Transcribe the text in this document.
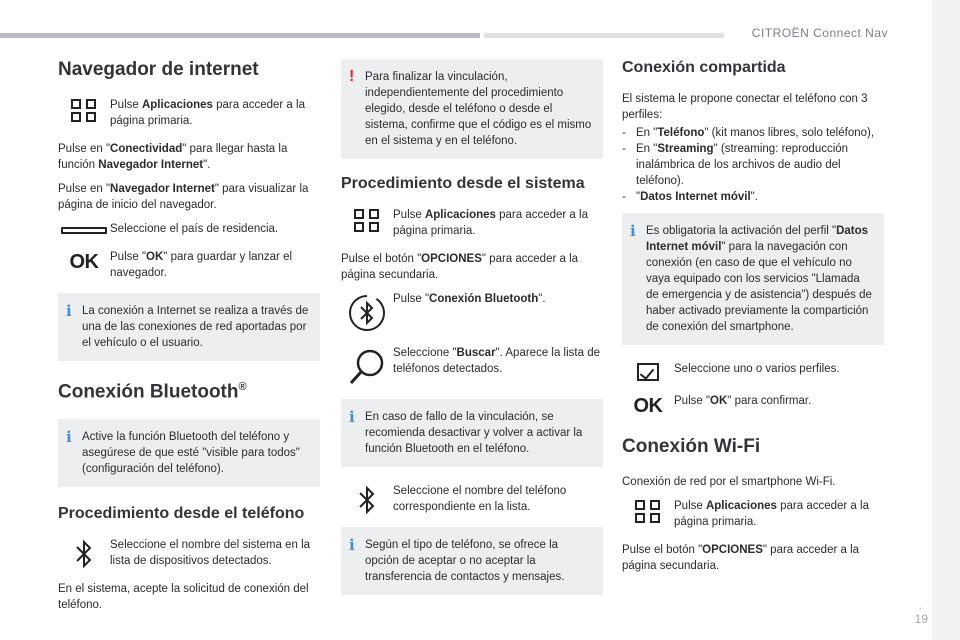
CITROËN Connect Nav
.
19
Navegador de internet
Pulse Aplicaciones para acceder a la página primaria.

Pulse en "Conectividad" para llegar hasta la función Navegador Internet".

Pulse en "Navegador Internet" para visualizar la página de inicio del navegador.

Seleccione el país de residencia.
OK Pulse "OK" para guardar y lanzar el navegador.
i La conexión a Internet se realiza a través de una de las conexiones de red aportadas por el vehículo o el usuario.
Conexión Bluetooth®
i Active la función Bluetooth del teléfono y asegúrese de que esté "visible para todos" (configuración del teléfono).
Procedimiento desde el teléfono
Seleccione el nombre del sistema en la lista de dispositivos detectados.

En el sistema, acepte la solicitud de conexión del teléfono.

! Para finalizar la vinculación, independientemente del procedimiento elegido, desde el teléfono o desde el sistema, confirme que el código es el mismo en el sistema y en el teléfono.
Procedimiento desde el sistema
Pulse Aplicaciones para acceder a la página primaria.

Pulse el botón "OPCIONES" para acceder a la página secundaria.

Pulse "Conexión Bluetooth".
Seleccione "Buscar". Aparece la lista de teléfonos detectados.
i En caso de fallo de la vinculación, se recomienda desactivar y volver a activar la función Bluetooth en el teléfono.
Seleccione el nombre del teléfono correspondiente en la lista.
i Según el tipo de teléfono, se ofrece la opción de aceptar o no aceptar la transferencia de contactos y mensajes.
Conexión compartida

El sistema le propone conectar el teléfono con 3 perfiles:

- En "Teléfono" (kit manos libres, solo teléfono),
- En "Streaming" (streaming: reproducción inalámbrica de los archivos de audio del teléfono).
- "Datos Internet móvil".
i Es obligatoria la activación del perfil "Datos Internet móvil" para la navegación con conexión (en caso de que el vehículo no vaya equipado con los servicios "Llamada de emergencia y de asistencia") después de haber activado previamente la compartición de conexión del smartphone.
Seleccione uno o varios perfiles.
OK Pulse "OK" para confirmar.
Conexión Wi-Fi

Conexión de red por el smartphone Wi-Fi.

Pulse Aplicaciones para acceder a la página primaria.

Pulse el botón "OPCIONES" para acceder a la página secundaria.
